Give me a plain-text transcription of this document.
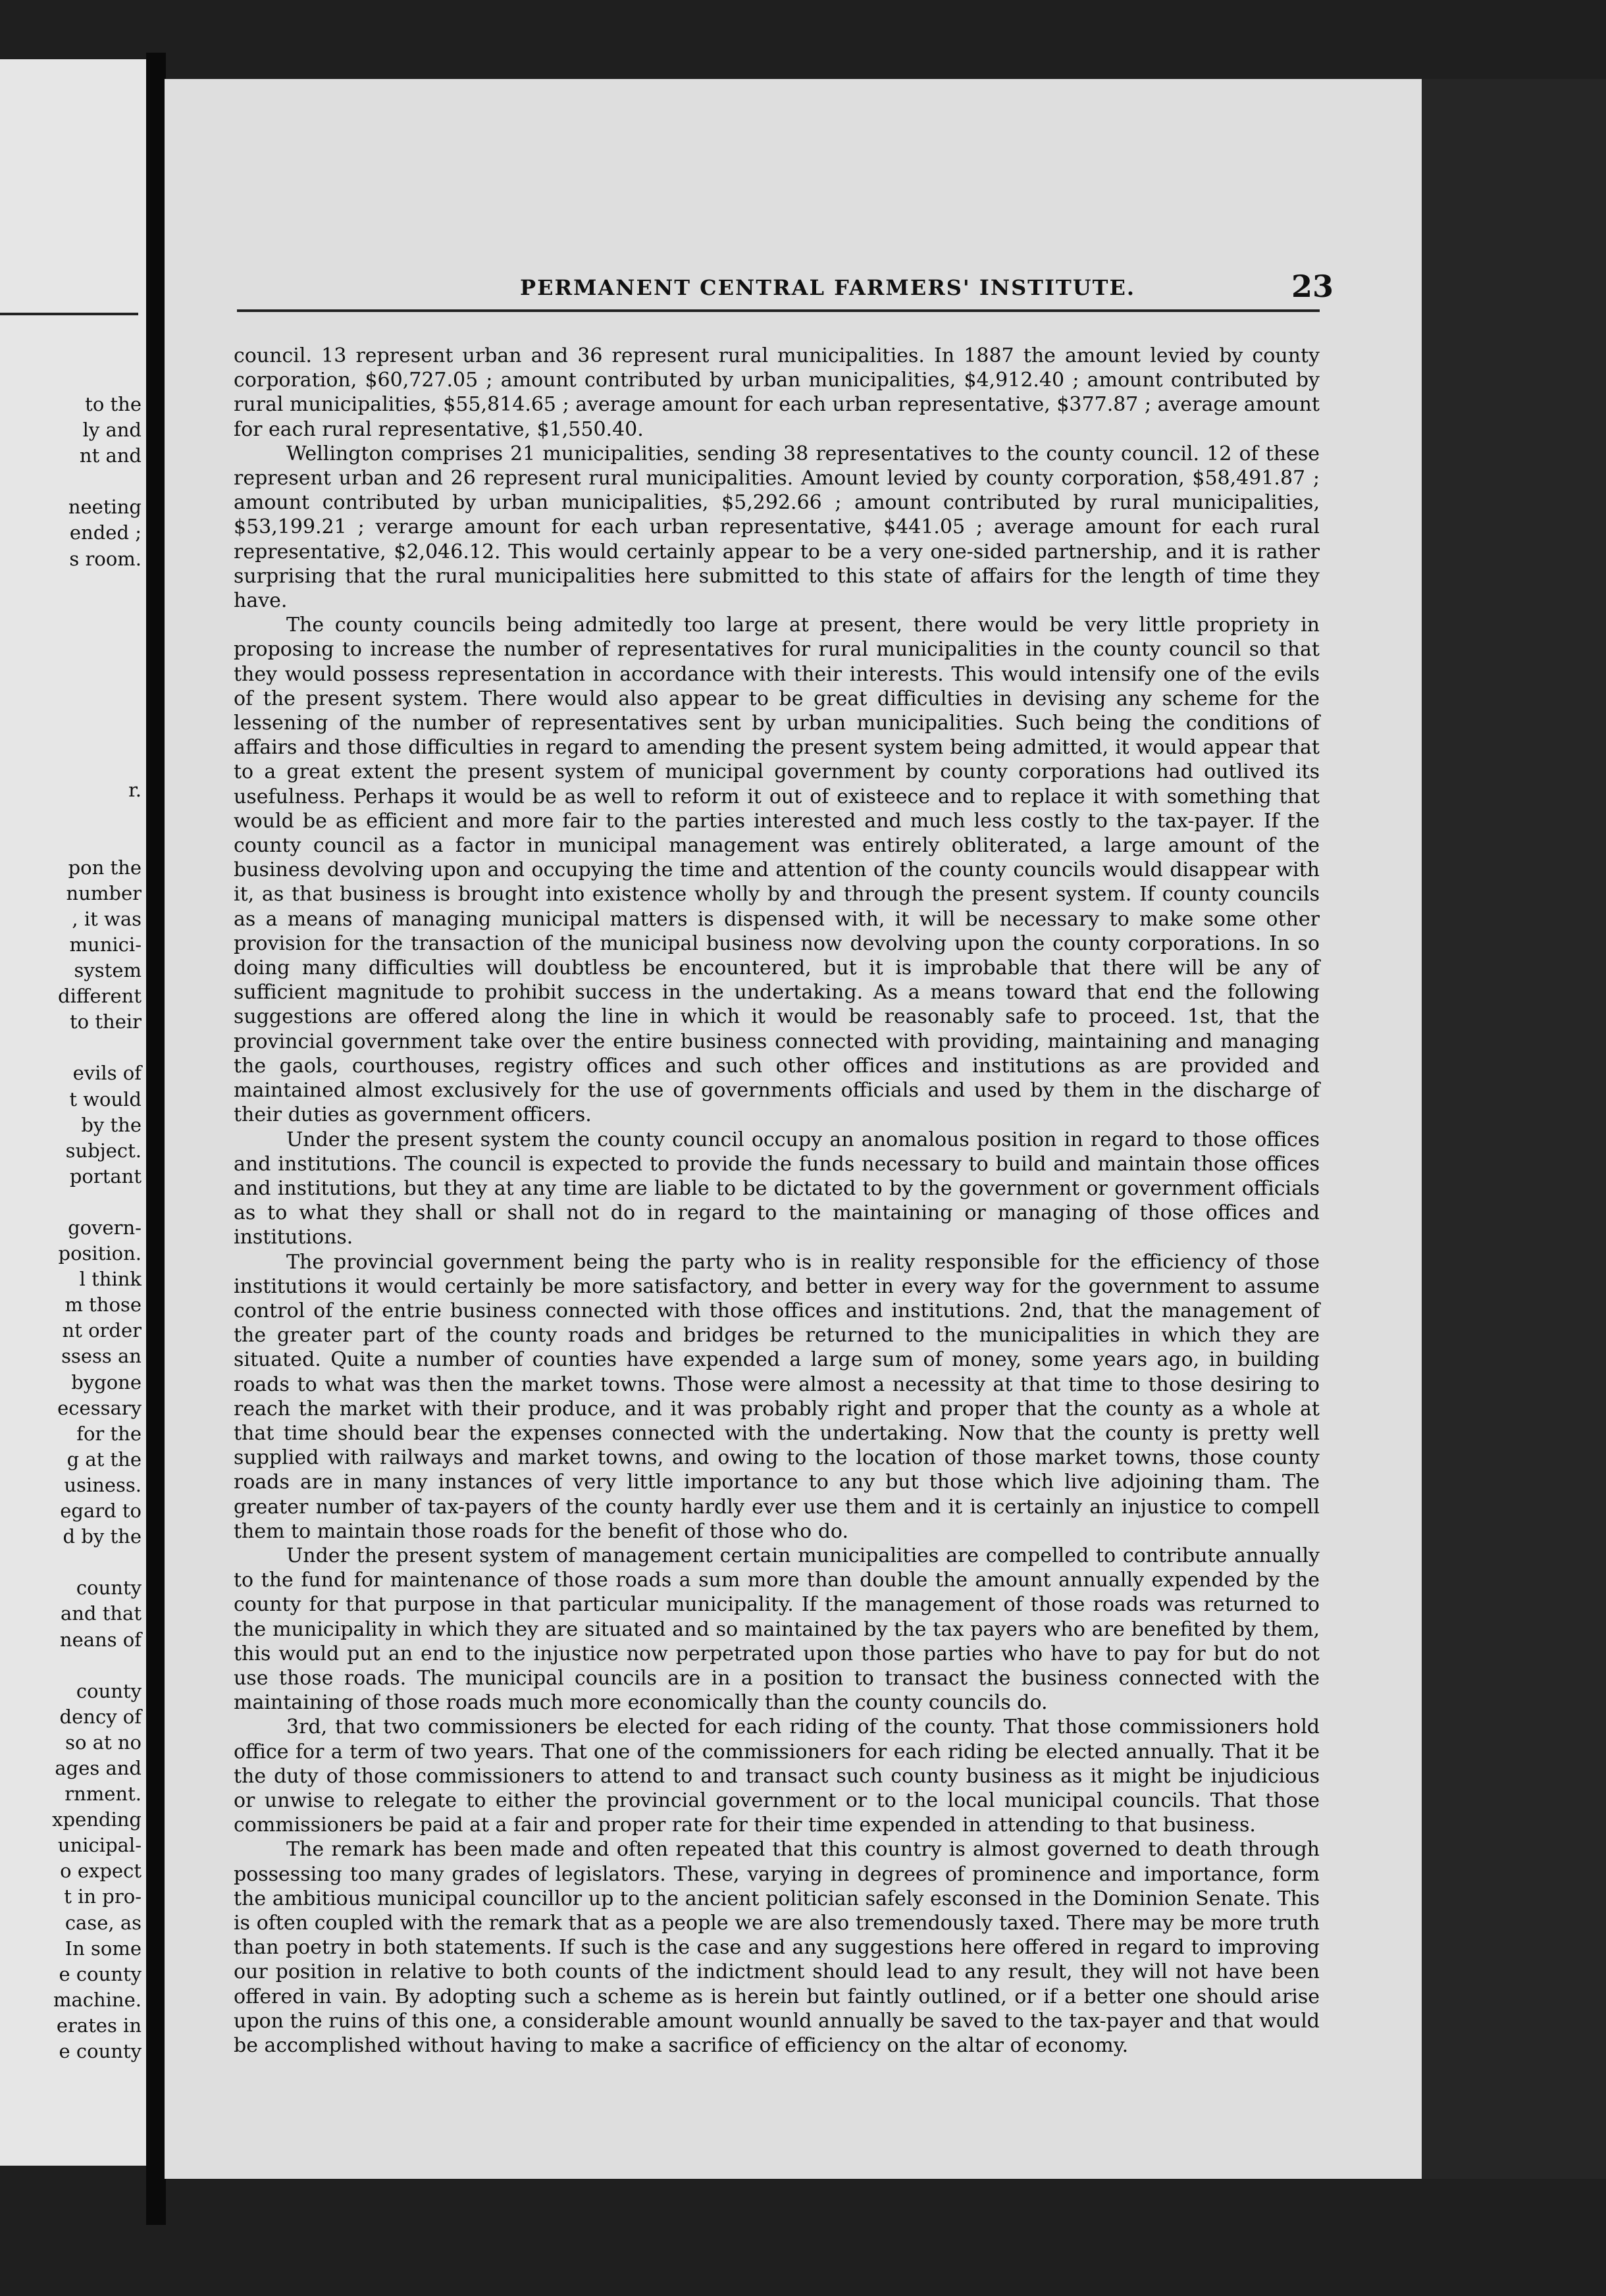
to the
ly and
nt and
neeting
ended ;
s room.
r.
pon the
number
, it was
munici-
system
different
to their
evils of
t would
by the
subject.
portant
govern-
position.
l think
m those
nt order
ssess an
bygone
ecessary
for the
g at the
usiness.
egard to
d by the
county
and that
neans of
county
dency of
so at no
ages and
rnment.
xpending
unicipal-
o expect
t in pro-
case, as
In some
e county
machine.
erates in
e county
PERMANENT CENTRAL FARMERS' INSTITUTE.	23

council. 13 represent urban and 36 represent rural municipalities. In 1887 the amount levied by county corporation, $60,727.05 ; amount contributed by urban municipalities, $4,912.40 ; amount contributed by rural municipalities, $55,814.65 ; average amount for each urban representative, $377.87 ; average amount for each rural representative, $1,550.40.

Wellington comprises 21 municipalities, sending 38 representatives to the county council. 12 of these represent urban and 26 represent rural municipalities. Amount levied by county corporation, $58,491.87 ; amount contributed by urban municipalities, $5,292.66 ; amount contributed by rural municipalities, $53,199.21 ; verarge amount for each urban representative, $441.05 ; average amount for each rural representative, $2,046.12. This would certainly appear to be a very one-sided partnership, and it is rather surprising that the rural municipalities here submitted to this state of affairs for the length of time they have.

The county councils being admitedly too large at present, there would be very little propriety in proposing to increase the number of representatives for rural municipalities in the county council so that they would possess representation in accordance with their interests. This would intensify one of the evils of the present system. There would also appear to be great difficulties in devising any scheme for the lessening of the number of representatives sent by urban municipalities. Such being the conditions of affairs and those difficulties in regard to amending the present system being admitted, it would appear that to a great extent the present system of municipal government by county corporations had outlived its usefulness. Perhaps it would be as well to reform it out of existeece and to replace it with something that would be as efficient and more fair to the parties interested and much less costly to the tax-payer. If the county council as a factor in municipal management was entirely obliterated, a large amount of the business devolving upon and occupying the time and attention of the county councils would disappear with it, as that business is brought into existence wholly by and through the present system. If county councils as a means of managing municipal matters is dispensed with, it will be necessary to make some other provision for the transaction of the municipal business now devolving upon the county corporations. In so doing many difficulties will doubtless be encountered, but it is improbable that there will be any of sufficient magnitude to prohibit success in the undertaking. As a means toward that end the following suggestions are offered along the line in which it would be reasonably safe to proceed. 1st, that the provincial government take over the entire business connected with providing, maintaining and managing the gaols, courthouses, registry offices and such other offices and institutions as are provided and maintained almost exclusively for the use of governments officials and used by them in the discharge of their duties as government officers.

Under the present system the county council occupy an anomalous position in regard to those offices and institutions. The council is expected to provide the funds necessary to build and maintain those offices and institutions, but they at any time are liable to be dictated to by the government or government officials as to what they shall or shall not do in regard to the maintaining or managing of those offices and institutions.

The provincial government being the party who is in reality responsible for the efficiency of those institutions it would certainly be more satisfactory, and better in every way for the government to assume control of the entrie business connected with those offices and institutions. 2nd, that the management of the greater part of the county roads and bridges be returned to the municipalities in which they are situated. Quite a number of counties have expended a large sum of money, some years ago, in building roads to what was then the market towns. Those were almost a necessity at that time to those desiring to reach the market with their produce, and it was probably right and proper that the county as a whole at that time should bear the expenses connected with the undertaking. Now that the county is pretty well supplied with railways and market towns, and owing to the location of those market towns, those county roads are in many instances of very little importance to any but those which live adjoining tham. The greater number of tax-payers of the county hardly ever use them and it is certainly an injustice to compell them to maintain those roads for the benefit of those who do.

Under the present system of management certain municipalities are compelled to contribute annually to the fund for maintenance of those roads a sum more than double the amount annually expended by the county for that purpose in that particular municipality. If the management of those roads was returned to the municipality in which they are situated and so maintained by the tax payers who are benefited by them, this would put an end to the injustice now perpetrated upon those parties who have to pay for but do not use those roads. The municipal councils are in a position to transact the business connected with the maintaining of those roads much more economically than the county councils do.

3rd, that two commissioners be elected for each riding of the county. That those commissioners hold office for a term of two years. That one of the commissioners for each riding be elected annually. That it be the duty of those commissioners to attend to and transact such county business as it might be injudicious or unwise to relegate to either the provincial government or to the local municipal councils. That those commissioners be paid at a fair and proper rate for their time expended in attending to that business.

The remark has been made and often repeated that this country is almost governed to death through possessing too many grades of legislators. These, varying in degrees of prominence and importance, form the ambitious municipal councillor up to the ancient politician safely esconsed in the Dominion Senate. This is often coupled with the remark that as a people we are also tremendously taxed. There may be more truth than poetry in both statements. If such is the case and any suggestions here offered in regard to improving our position in relative to both counts of the indictment should lead to any result, they will not have been offered in vain. By adopting such a scheme as is herein but faintly outlined, or if a better one should arise upon the ruins of this one, a considerable amount wounld annually be saved to the tax-payer and that would be accomplished without having to make a sacrifice of efficiency on the altar of economy.
